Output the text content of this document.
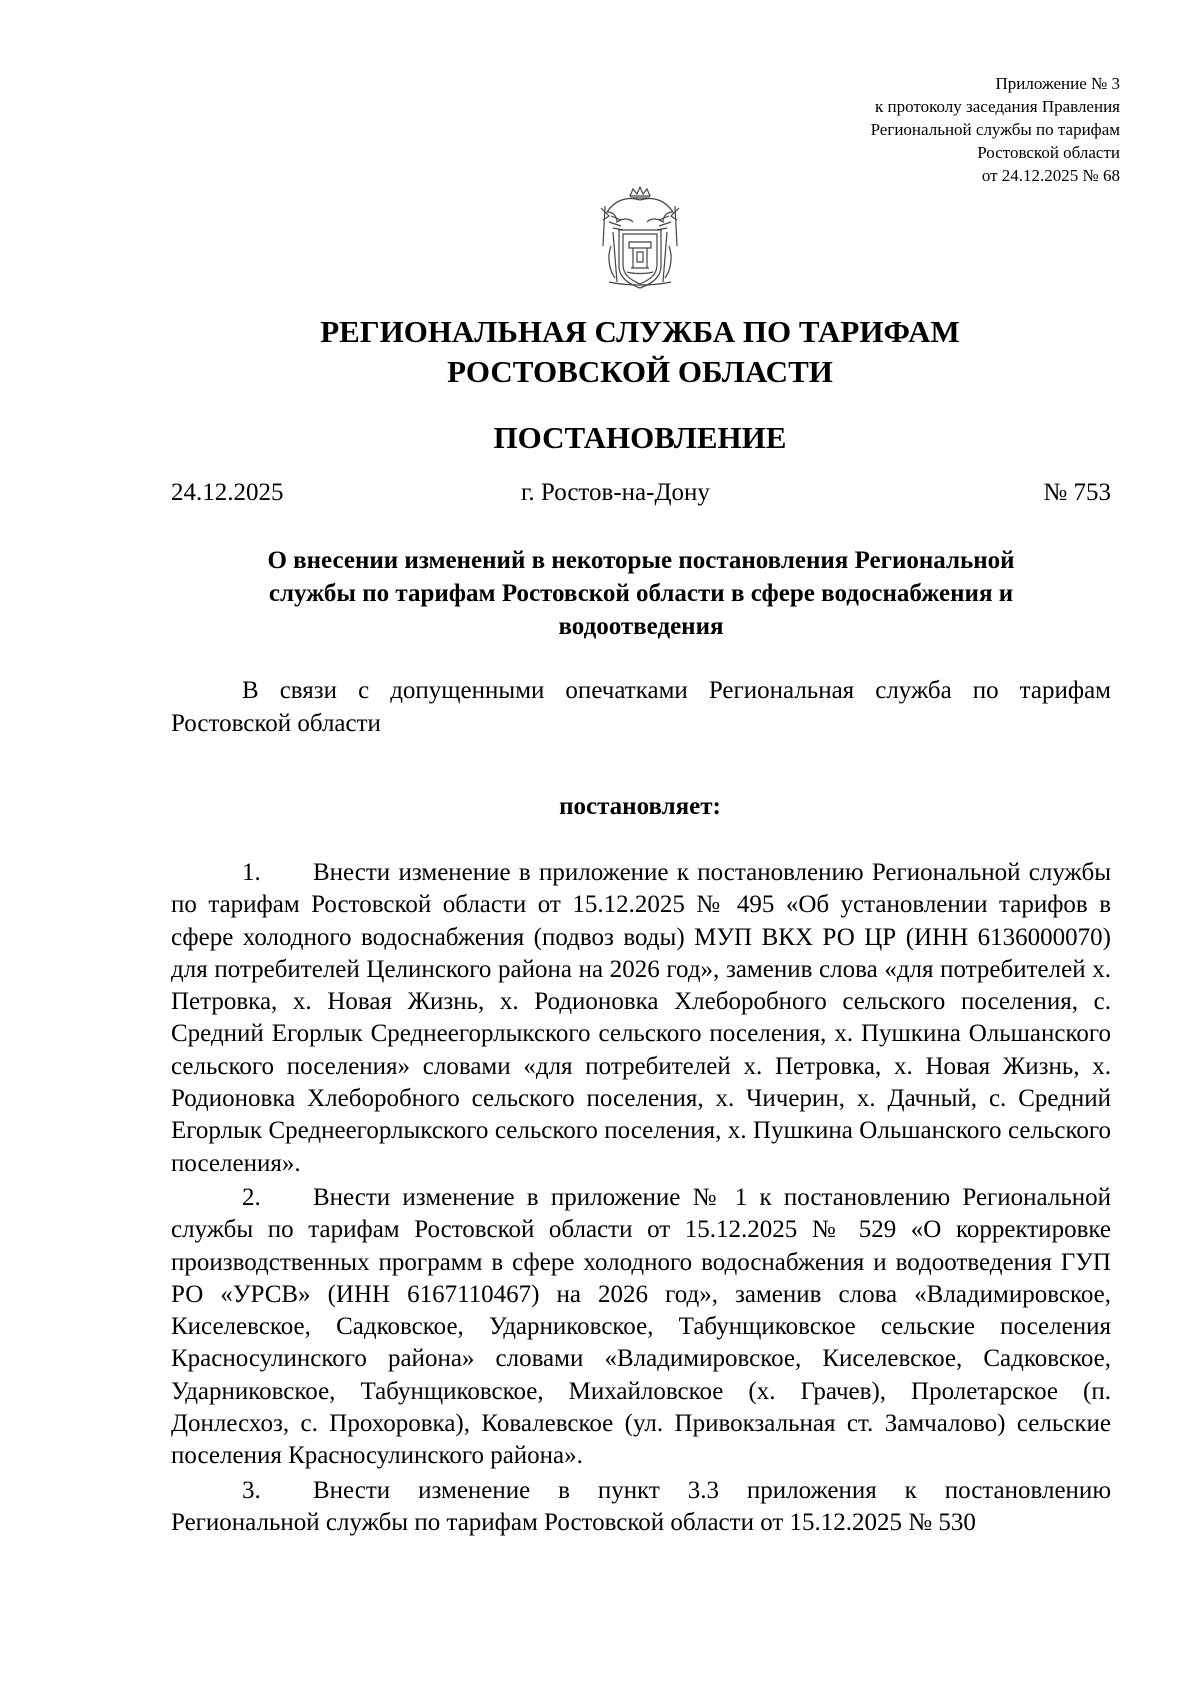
Приложение № 3
к протоколу заседания Правления
Региональной службы по тарифам
Ростовской области
от 24.12.2025 № 68
РЕГИОНАЛЬНАЯ СЛУЖБА ПО ТАРИФАМ
РОСТОВСКОЙ ОБЛАСТИ
ПОСТАНОВЛЕНИЕ
24.12.2025	г. Ростов-на-Дону	№ 753
О внесении изменений в некоторые постановления Региональной
службы по тарифам Ростовской области в сфере водоснабжения и
водоотведения
В связи с допущенными опечатками Региональная служба по тарифам Ростовской области
постановляет:

1. Внести изменение в приложение к постановлению Региональной службы по тарифам Ростовской области от 15.12.2025 № 495 «Об установлении тарифов в сфере холодного водоснабжения (подвоз воды) МУП ВКХ РО ЦР (ИНН 6136000070) для потребителей Целинского района на 2026 год», заменив слова «для потребителей х. Петровка, х. Новая Жизнь, х. Родионовка Хлеборобного сельского поселения, с. Средний Егорлык Среднеегорлыкского сельского поселения, х. Пушкина Ольшанского сельского поселения» словами «для потребителей х. Петровка, х. Новая Жизнь, х. Родионовка Хлеборобного сельского поселения, х. Чичерин, х. Дачный, с. Средний Егорлык Среднеегорлыкского сельского поселения, х. Пушкина Ольшанского сельского поселения».

2. Внести изменение в приложение № 1 к постановлению Региональной службы по тарифам Ростовской области от 15.12.2025 № 529 «О корректировке производственных программ в сфере холодного водоснабжения и водоотведения ГУП РО «УРСВ» (ИНН 6167110467) на 2026 год», заменив слова «Владимировское, Киселевское, Садковское, Ударниковское, Табунщиковское сельские поселения Красносулинского района» словами «Владимировское, Киселевское, Садковское, Ударниковское, Табунщиковское, Михайловское (х. Грачев), Пролетарское (п. Донлесхоз, с. Прохоровка), Ковалевское (ул. Привокзальная ст. Замчалово) сельские поселения Красносулинского района».

3. Внести изменение в пункт 3.3 приложения к постановлению Региональной службы по тарифам Ростовской области от 15.12.2025 № 530
